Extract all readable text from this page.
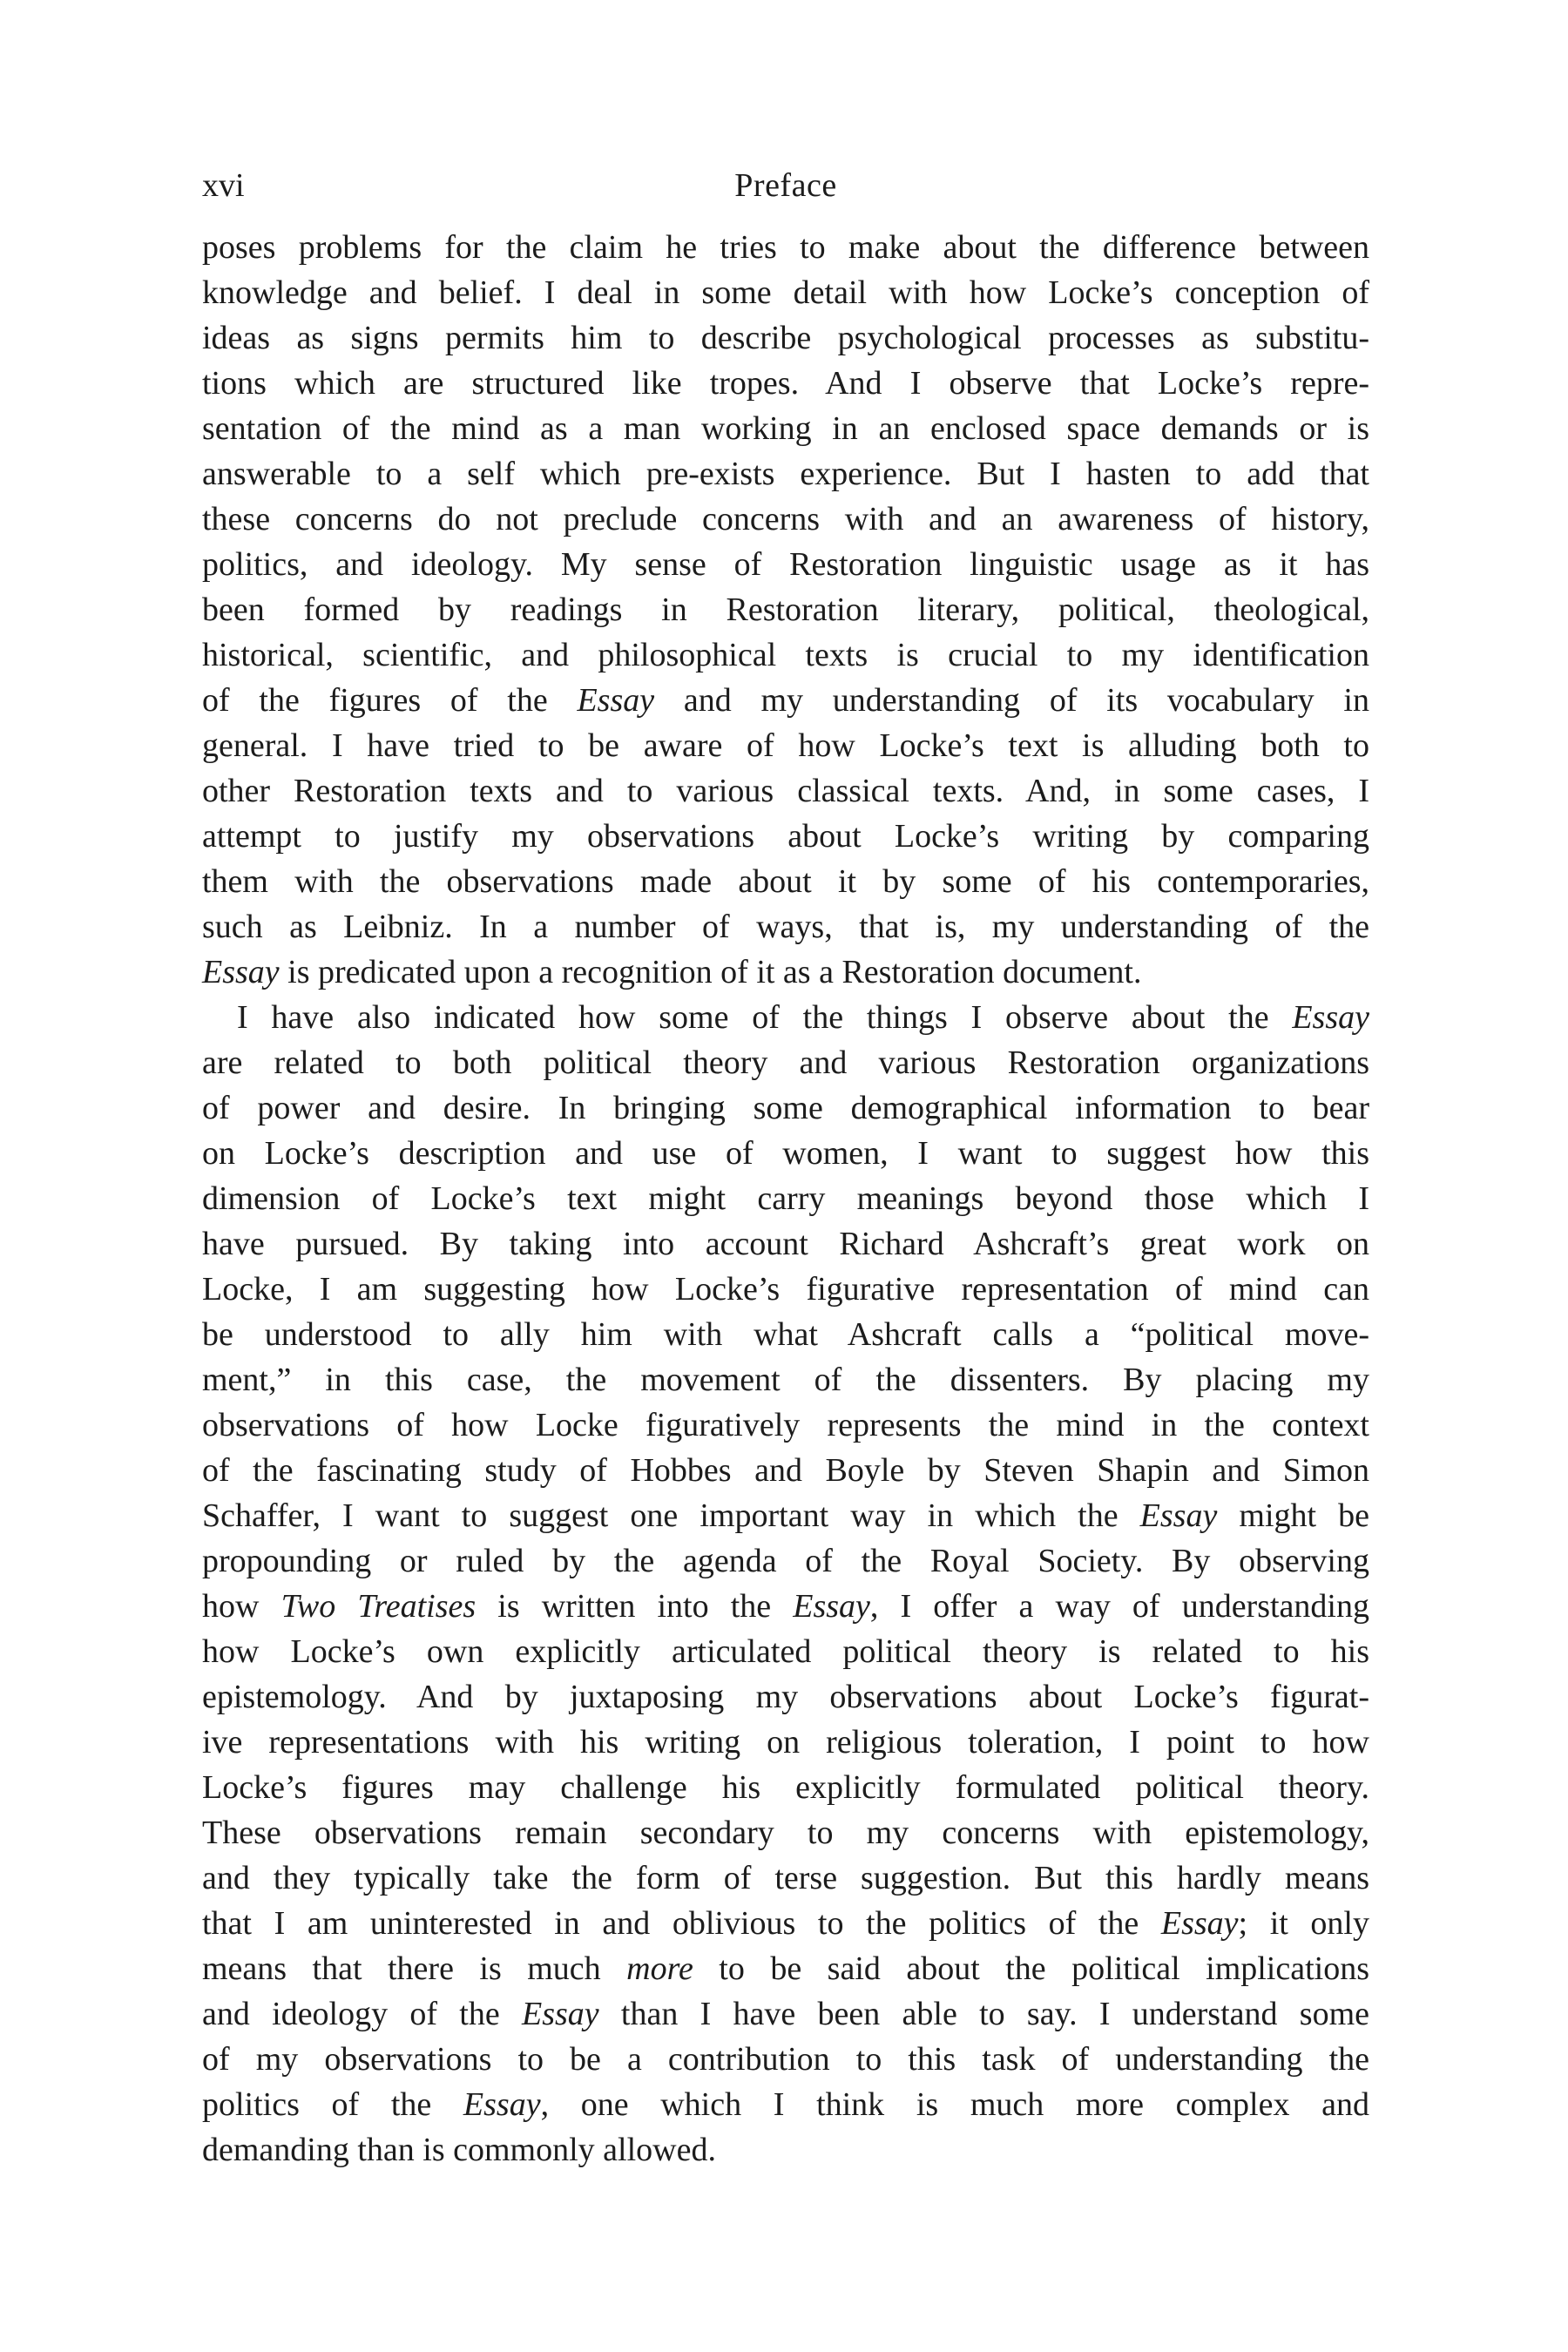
xvi	Preface
poses problems for the claim he tries to make about the difference between
knowledge and belief. I deal in some detail with how Locke’s conception of
ideas as signs permits him to describe psychological processes as substitu-
tions which are structured like tropes. And I observe that Locke’s repre-
sentation of the mind as a man working in an enclosed space demands or is
answerable to a self which pre-exists experience. But I hasten to add that
these concerns do not preclude concerns with and an awareness of history,
politics, and ideology. My sense of Restoration linguistic usage as it has
been formed by readings in Restoration literary, political, theological,
historical, scientific, and philosophical texts is crucial to my identification
of the figures of the Essay and my understanding of its vocabulary in
general. I have tried to be aware of how Locke’s text is alluding both to
other Restoration texts and to various classical texts. And, in some cases, I
attempt to justify my observations about Locke’s writing by comparing
them with the observations made about it by some of his contemporaries,
such as Leibniz. In a number of ways, that is, my understanding of the
Essay is predicated upon a recognition of it as a Restoration document.
I have also indicated how some of the things I observe about the Essay
are related to both political theory and various Restoration organizations
of power and desire. In bringing some demographical information to bear
on Locke’s description and use of women, I want to suggest how this
dimension of Locke’s text might carry meanings beyond those which I
have pursued. By taking into account Richard Ashcraft’s great work on
Locke, I am suggesting how Locke’s figurative representation of mind can
be understood to ally him with what Ashcraft calls a “political move-
ment,” in this case, the movement of the dissenters. By placing my
observations of how Locke figuratively represents the mind in the context
of the fascinating study of Hobbes and Boyle by Steven Shapin and Simon
Schaffer, I want to suggest one important way in which the Essay might be
propounding or ruled by the agenda of the Royal Society. By observing
how Two Treatises is written into the Essay, I offer a way of understanding
how Locke’s own explicitly articulated political theory is related to his
epistemology. And by juxtaposing my observations about Locke’s figurat-
ive representations with his writing on religious toleration, I point to how
Locke’s figures may challenge his explicitly formulated political theory.
These observations remain secondary to my concerns with epistemology,
and they typically take the form of terse suggestion. But this hardly means
that I am uninterested in and oblivious to the politics of the Essay; it only
means that there is much more to be said about the political implications
and ideology of the Essay than I have been able to say. I understand some
of my observations to be a contribution to this task of understanding the
politics of the Essay, one which I think is much more complex and
demanding than is commonly allowed.
